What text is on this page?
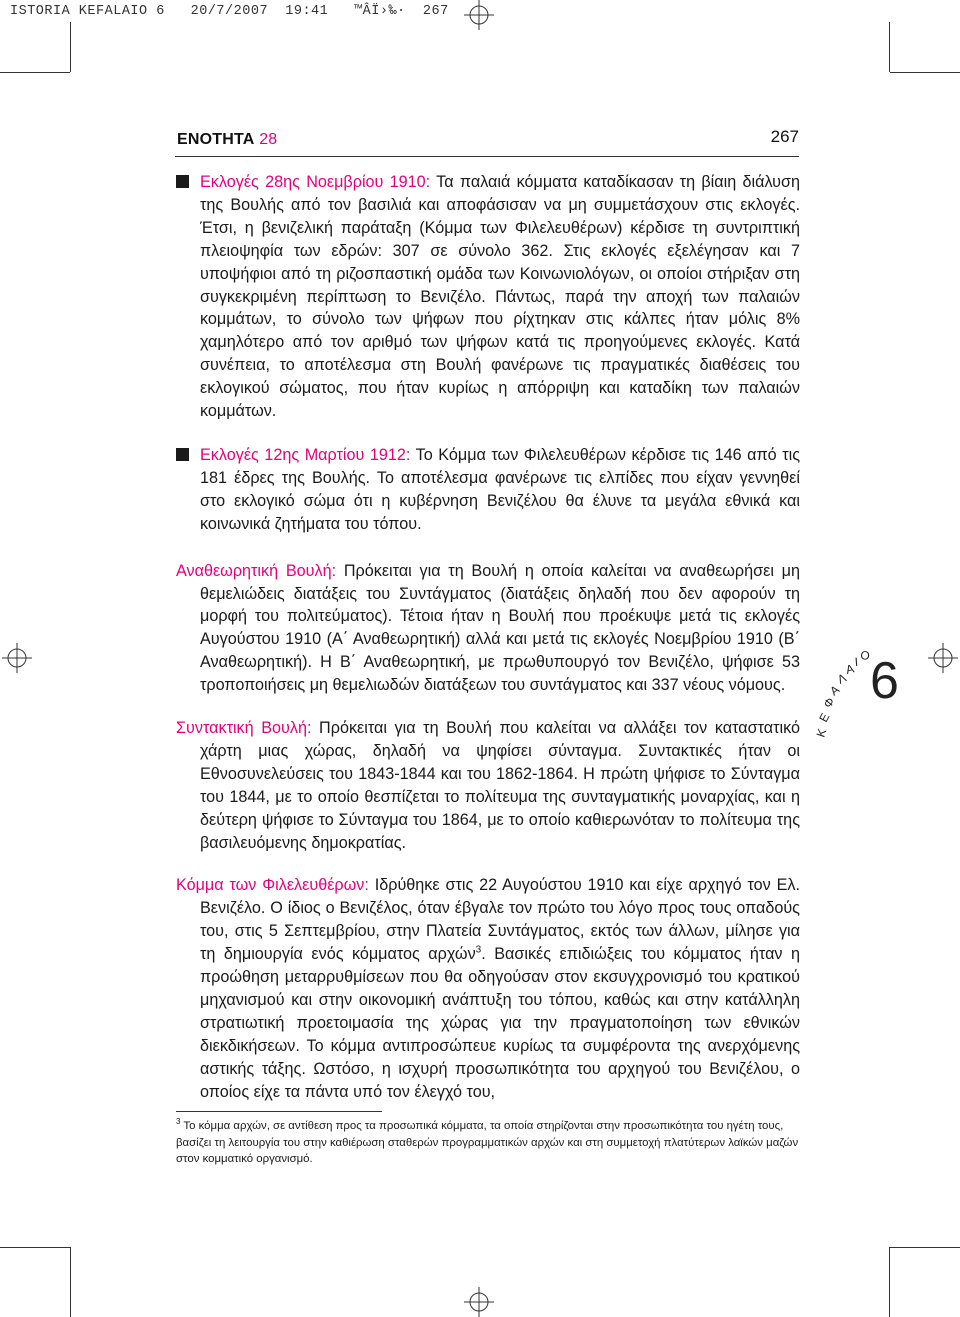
ISTORIA KEFALAIO 6   20/7/2007  19:41   ™ÂÏ›‰·  267
ΕΝΟΤΗΤΑ 28	267

Εκλογές 28ης Νοεμβρίου 1910: Τα παλαιά κόμματα καταδίκασαν τη βίαιη διάλυση της Βουλής από τον βασιλιά και αποφάσισαν να μη συμμετάσχουν στις εκλογές. Έτσι, η βενιζελική παράταξη (Κόμμα των Φιλελευθέρων) κέρδισε τη συντριπτική πλειοψηφία των εδρών: 307 σε σύνολο 362. Στις εκλογές εξελέγησαν και 7 υποψήφιοι από τη ριζοσπαστική ομάδα των Κοινωνιολόγων, οι οποίοι στήριξαν στη συγκεκριμένη περίπτωση το Βενιζέλο. Πάντως, παρά την αποχή των παλαιών κομμάτων, το σύνολο των ψήφων που ρίχτηκαν στις κάλπες ήταν μόλις 8% χαμηλότερο από τον αριθμό των ψήφων κατά τις προηγούμενες εκλογές. Κατά συνέπεια, το αποτέλεσμα στη Βουλή φανέρωνε τις πραγματικές διαθέσεις του εκλογικού σώματος, που ήταν κυρίως η απόρριψη και καταδίκη των παλαιών κομμάτων.

Εκλογές 12ης Μαρτίου 1912: Το Κόμμα των Φιλελευθέρων κέρδισε τις 146 από τις 181 έδρες της Βουλής. Το αποτέλεσμα φανέρωνε τις ελπίδες που είχαν γεννηθεί στο εκλογικό σώμα ότι η κυβέρνηση Βενιζέλου θα έλυνε τα μεγάλα εθνικά και κοινωνικά ζητήματα του τόπου.

Αναθεωρητική Βουλή: Πρόκειται για τη Βουλή η οποία καλείται να αναθεωρήσει μη θεμελιώδεις διατάξεις του Συντάγματος (διατάξεις δηλαδή που δεν αφορούν τη μορφή του πολιτεύματος). Τέτοια ήταν η Βουλή που προέκυψε μετά τις εκλογές Αυγούστου 1910 (Α΄ Αναθεωρητική) αλλά και μετά τις εκλογές Νοεμβρίου 1910 (Β΄ Αναθεωρητική). Η Β΄ Αναθεωρητική, με πρωθυπουργό τον Βενιζέλο, ψήφισε 53 τροποποιήσεις μη θεμελιωδών διατάξεων του συντάγματος και 337 νέους νόμους.

Συντακτική Βουλή: Πρόκειται για τη Βουλή που καλείται να αλλάξει τον καταστατικό χάρτη μιας χώρας, δηλαδή να ψηφίσει σύνταγμα. Συντακτικές ήταν οι Εθνοσυνελεύσεις του 1843-1844 και του 1862-1864. Η πρώτη ψήφισε το Σύνταγμα του 1844, με το οποίο θεσπίζεται το πολίτευμα της συνταγματικής μοναρχίας, και η δεύτερη ψήφισε το Σύνταγμα του 1864, με το οποίο καθιερωνόταν το πολίτευμα της βασιλευόμενης δημοκρατίας.

Κόμμα των Φιλελευθέρων: Ιδρύθηκε στις 22 Αυγούστου 1910 και είχε αρχηγό τον Ελ. Βενιζέλο. Ο ίδιος ο Βενιζέλος, όταν έβγαλε τον πρώτο του λόγο προς τους οπαδούς του, στις 5 Σεπτεμβρίου, στην Πλατεία Συντάγματος, εκτός των άλλων, μίλησε για τη δημιουργία ενός κόμματος αρχών$^3$. Βασικές επιδιώξεις του κόμματος ήταν η προώθηση μεταρρυθμίσεων που θα οδηγούσαν στον εκσυγχρονισμό του κρατικού μηχανισμού και στην οικονομική ανάπτυξη του τόπου, καθώς και στην κατάλληλη στρατιωτική προετοιμασία της χώρας για την πραγματοποίηση των εθνικών διεκδικήσεων. Το κόμμα αντιπροσώπευε κυρίως τα συμφέροντα της ανερχόμενης αστικής τάξης. Ωστόσο, η ισχυρή προσωπικότητα του αρχηγού του Βενιζέλου, ο οποίος είχε τα πάντα υπό τον έλεγχό του,

$^3$ Το κόμμα αρχών, σε αντίθεση προς τα προσωπικά κόμματα, τα οποία στηρίζονται στην προσωπικότητα του ηγέτη τους, βασίζει τη λειτουργία του στην καθιέρωση σταθερών προγραμματικών αρχών και στη συμμετοχή πλατύτερων λαϊκών μαζών στον κομματικό οργανισμό.
Κ
Ε
Φ
Α
Λ
Α
Ι Ο 6
